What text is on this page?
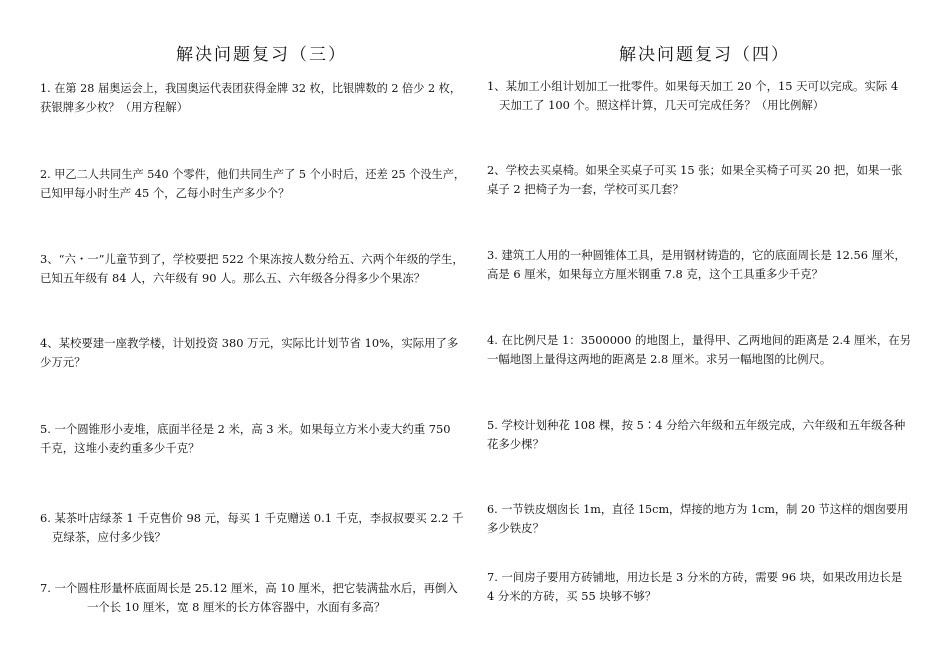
解决问题复习（三）

1. 在第 28 届奥运会上，我国奥运代表团获得金牌 32 枚，比银牌数的 2 倍少 2 枚，

获银牌多少枚？（用方程解）

2. 甲乙二人共同生产 540 个零件，他们共同生产了 5 个小时后，还差 25 个没生产，

已知甲每小时生产 45 个，乙每小时生产多少个？

3、“六・一”儿童节到了，学校要把 522 个果冻按人数分给五、六两个年级的学生，

已知五年级有 84 人，六年级有 90 人。那么五、六年级各分得多少个果冻？

4、某校要建一座教学楼，计划投资 380 万元，实际比计划节省 10%，实际用了多

少万元？

5. 一个圆锥形小麦堆，底面半径是 2 米，高 3 米。如果每立方米小麦大约重 750

千克，这堆小麦约重多少千克？

6. 某茶叶店绿茶 1 千克售价 98 元，每买 1 千克赠送 0.1 千克，李叔叔要买 2.2 千

克绿茶，应付多少钱？

7. 一个圆柱形量杯底面周长是 25.12 厘米，高 10 厘米，把它装满盐水后，再倒入

一个长 10 厘米，宽 8 厘米的长方体容器中，水面有多高？

解决问题复习（四）

1、某加工小组计划加工一批零件。如果每天加工 20 个，15 天可以完成。实际 4

天加工了 100 个。照这样计算，几天可完成任务？（用比例解）

2、学校去买桌椅。如果全买桌子可买 15 张；如果全买椅子可买 20 把，如果一张

桌子 2 把椅子为一套，学校可买几套？

3. 建筑工人用的一种圆锥体工具，是用钢材铸造的，它的底面周长是 12.56 厘米，

高是 6 厘米，如果每立方厘米钢重 7.8 克，这个工具重多少千克？

4. 在比例尺是 1：3500000 的地图上，量得甲、乙两地间的距离是 2.4 厘米，在另

一幅地图上量得这两地的距离是 2.8 厘米。求另一幅地图的比例尺。

5. 学校计划种花 108 棵，按 5∶4 分给六年级和五年级完成，六年级和五年级各种

花多少棵？

6. 一节铁皮烟囱长 1m，直径 15cm，焊接的地方为 1cm，制 20 节这样的烟囱要用

多少铁皮？

7. 一间房子要用方砖铺地，用边长是 3 分米的方砖，需要 96 块，如果改用边长是

4 分米的方砖，买 55 块够不够？
